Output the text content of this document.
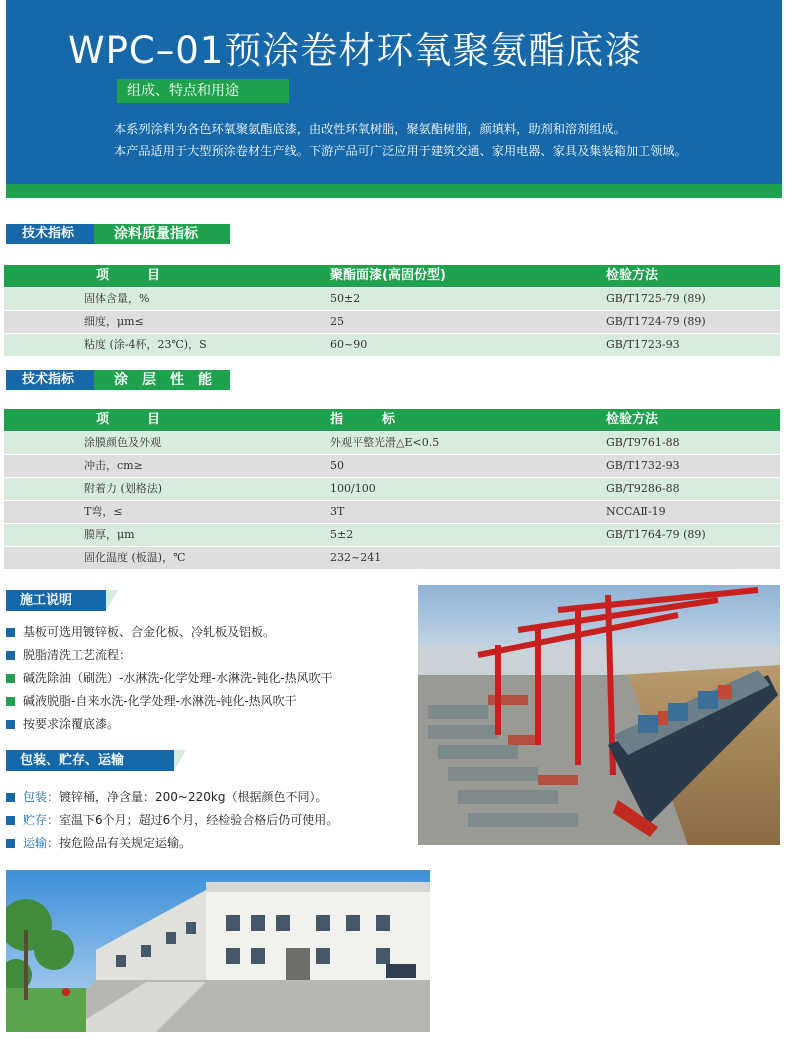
WPC–01预涂卷材环氧聚氨酯底漆
组成、特点和用途
本系列涂料为各色环氧聚氨酯底漆，由改性环氧树脂，聚氨酯树脂，颜填料，助剂和溶剂组成。
本产品适用于大型预涂卷材生产线。下游产品可广泛应用于建筑交通、家用电器、家具及集装箱加工领域。
技术指标	涂料质量指标
项　　目	聚酯面漆(高固份型)	检验方法
固体含量，%	50±2	GB/T1725-79 (89)
细度，μm≤	25	GB/T1724-79 (89)
粘度 (涂-4杯，23℃)，S	60~90	GB/T1723-93
技术指标	涂　层　性　能
项　　目	指　　　标	检验方法
涂膜颜色及外观	外观平整光滑△E<0.5	GB/T9761-88
冲击，cm≥	50	GB/T1732-93
附着力 (划格法)	100/100	GB/T9286-88
T弯，≤	3T	NCCAⅡ-19
膜厚，μm	5±2	GB/T1764-79 (89)
固化温度 (板温)，℃	232~241
施工说明
基板可选用镀锌板、合金化板、冷轧板及铝板。
脱脂清洗工艺流程：
碱洗除油（刷洗）-水淋洗-化学处理-水淋洗-钝化-热风吹干
碱液脱脂-自来水洗-化学处理-水淋洗-钝化-热风吹干
按要求涂覆底漆。
包装、贮存、运输
包装： 镀锌桶，净含量：200~220kg（根据颜色不同）。
贮存： 室温下6个月；超过6个月，经检验合格后仍可使用。
运输： 按危险品有关规定运输。
